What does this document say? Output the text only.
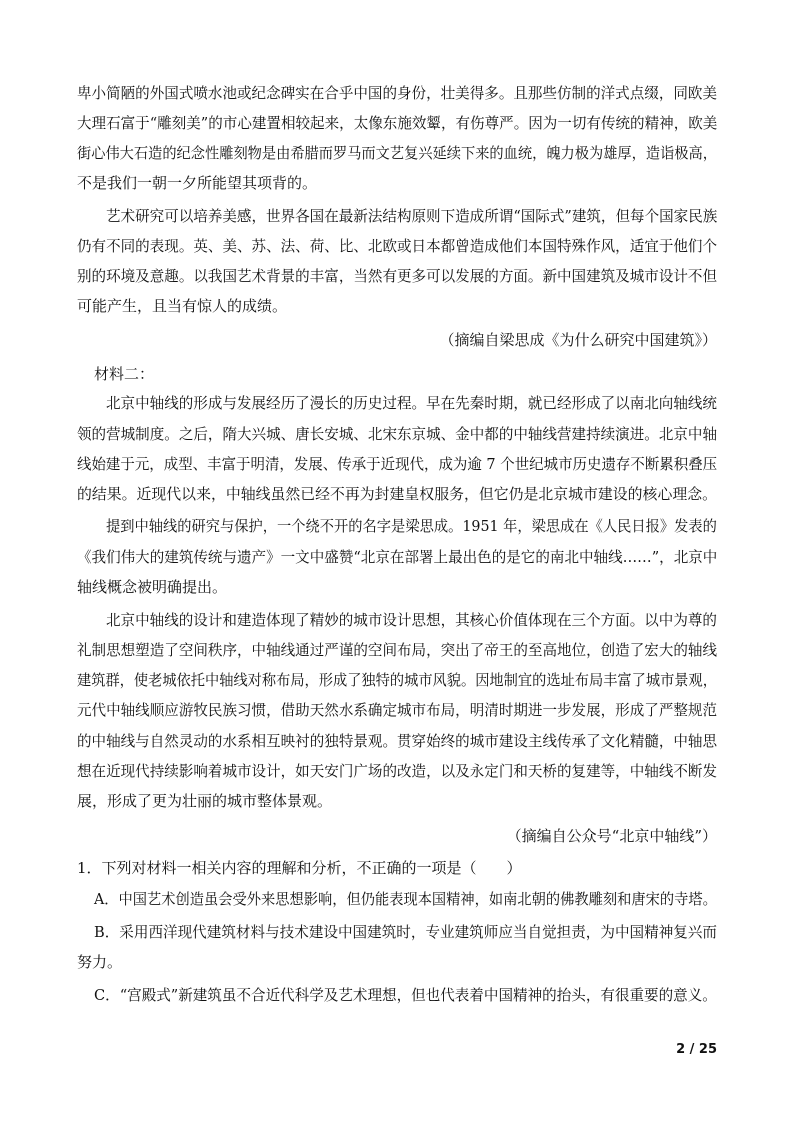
卑小简陋的外国式喷水池或纪念碑实在合乎中国的身份，壮美得多。且那些仿制的洋式点缀，同欧美
大理石富于“雕刻美”的市心建置相较起来，太像东施效颦，有伤尊严。因为一切有传统的精神，欧美
街心伟大石造的纪念性雕刻物是由希腊而罗马而文艺复兴延续下来的血统，魄力极为雄厚，造诣极高，
不是我们一朝一夕所能望其项背的。
艺术研究可以培养美感，世界各国在最新法结构原则下造成所谓“国际式”建筑，但每个国家民族
仍有不同的表现。英、美、苏、法、荷、比、北欧或日本都曾造成他们本国特殊作风，适宜于他们个
别的环境及意趣。以我国艺术背景的丰富，当然有更多可以发展的方面。新中国建筑及城市设计不但
可能产生，且当有惊人的成绩。
（摘编自梁思成《为什么研究中国建筑》）
材料二：
北京中轴线的形成与发展经历了漫长的历史过程。早在先秦时期，就已经形成了以南北向轴线统
领的营城制度。之后，隋大兴城、唐长安城、北宋东京城、金中都的中轴线营建持续演进。北京中轴
线始建于元，成型、丰富于明清，发展、传承于近现代，成为逾 7 个世纪城市历史遗存不断累积叠压
的结果。近现代以来，中轴线虽然已经不再为封建皇权服务，但它仍是北京城市建设的核心理念。
提到中轴线的研究与保护，一个绕不开的名字是梁思成。1951 年，梁思成在《人民日报》发表的
《我们伟大的建筑传统与遗产》一文中盛赞“北京在部署上最出色的是它的南北中轴线……”，北京中
轴线概念被明确提出。
北京中轴线的设计和建造体现了精妙的城市设计思想，其核心价值体现在三个方面。以中为尊的
礼制思想塑造了空间秩序，中轴线通过严谨的空间布局，突出了帝王的至高地位，创造了宏大的轴线
建筑群，使老城依托中轴线对称布局，形成了独特的城市风貌。因地制宜的选址布局丰富了城市景观，
元代中轴线顺应游牧民族习惯，借助天然水系确定城市布局，明清时期进一步发展，形成了严整规范
的中轴线与自然灵动的水系相互映衬的独特景观。贯穿始终的城市建设主线传承了文化精髓，中轴思
想在近现代持续影响着城市设计，如天安门广场的改造，以及永定门和天桥的复建等，中轴线不断发
展，形成了更为壮丽的城市整体景观。
（摘编自公众号“北京中轴线”）
1．下列对材料一相关内容的理解和分析，不正确的一项是（　　）
A．中国艺术创造虽会受外来思想影响，但仍能表现本国精神，如南北朝的佛教雕刻和唐宋的寺塔。
B．采用西洋现代建筑材料与技术建设中国建筑时，专业建筑师应当自觉担责，为中国精神复兴而
努力。
C．“宫殿式”新建筑虽不合近代科学及艺术理想，但也代表着中国精神的抬头，有很重要的意义。
2 / 25
